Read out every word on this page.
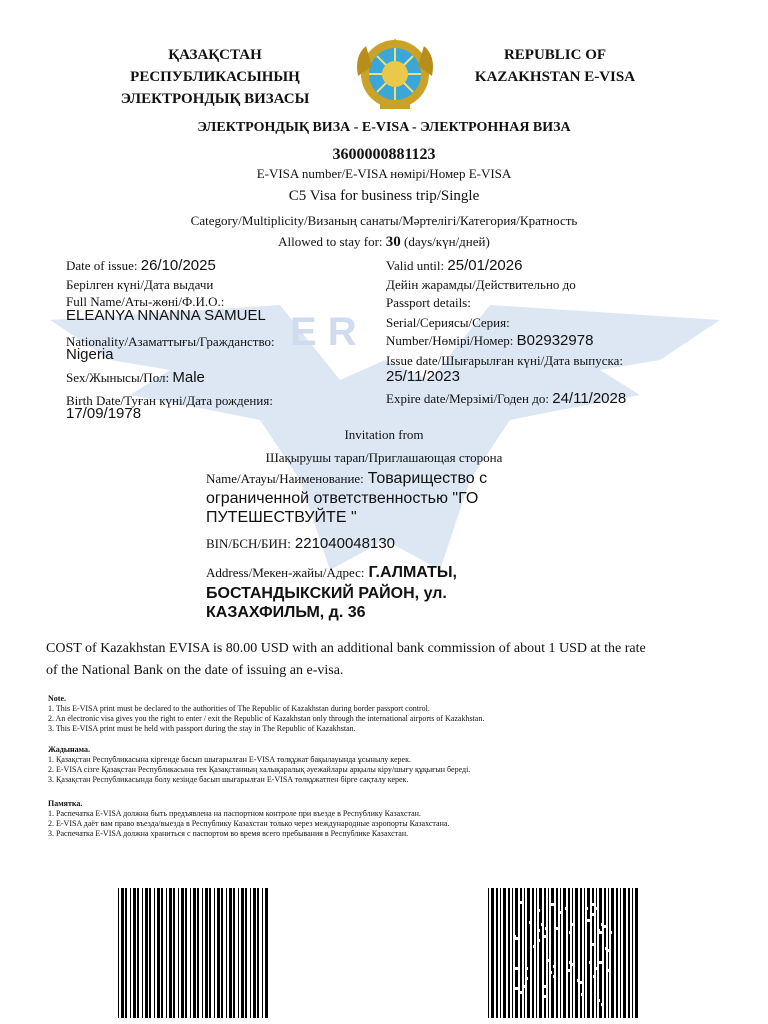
E R
ҚАЗАҚСТАН
РЕСПУБЛИКАСЫНЫҢ
ЭЛЕКТРОНДЫҚ ВИЗАСЫ
REPUBLIC OF
KAZAKHSTAN E-VISA
ЭЛЕКТРОНДЫҚ ВИЗА - E-VISA - ЭЛЕКТРОННАЯ ВИЗА
3600000881123
E-VISA number/E-VISA нөмірі/Номер E-VISA
C5 Visa for business trip/Single
Category/Multiplicity/Визаның санаты/Мәртелігі/Категория/Кратность
Allowed to stay for: 30 (days/күн/дней)
Date of issue: 26/10/2025
Берілген күні/Дата выдачи
Full Name/Аты-жөні/Ф.И.О.:
ELEANYA NNANNA SAMUEL
Nationality/Азаматтығы/Гражданство:
Nigeria
Sex/Жынысы/Пол: Male
Birth Date/Туған күні/Дата рождения:
17/09/1978
Valid until: 25/01/2026
Дейін жарамды/Действительно до
Passport details:
Serial/Сериясы/Серия:
Number/Нөмірі/Номер: B02932978
Issue date/Шығарылған күні/Дата выпуска:
25/11/2023
Expire date/Мерзімі/Годен до: 24/11/2028
Invitation from
Шақырушы тарап/Приглашающая сторона
Name/Атауы/Наименование: Товарищество с
ограниченной ответственностью "ГО
ПУТЕШЕСТВУЙТЕ "
BIN/БСН/БИН: 221040048130
Address/Мекен-жайы/Адрес: Г.АЛМАТЫ,
БОСТАНДЫКСКИЙ РАЙОН, ул.
КАЗАХФИЛЬМ, д. 36
COST of Kazakhstan EVISA is 80.00 USD with an additional bank commission of about 1 USD at the rate
of the National Bank on the date of issuing an e-visa.
Note.
1. This E-VISA print must be declared to the authorities of The Republic of Kazakhstan during border passport control.
2. An electronic visa gives you the right to enter / exit the Republic of Kazakhstan only through the international airports of Kazakhstan.
3. This E-VISA print must be held with passport during the stay in The Republic of Kazakhstan.
Жадынама.
1. Қазақстан Республикасына кіргенде басып шығарылған E-VISA төлқұжат бақылауында ұсынылу керек.
2. E-VISA сізге Қазақстан Республикасына тек Қазақстанның халықаралық әуежайлары арқылы кіру/шығу құқығын береді.
3. Қазақстан Республикасында болу кезінде басып шығарылған E-VISA төлқұжатпен бірге сақталу керек.
Памятка.
1. Распечатка E-VISA должна быть предъявлена на паспортном контроле при въезде в Республику Казахстан.
2. E-VISA даёт вам право въезда/выезда в Республику Казахстан только через международные аэропорты Казахстана.
3. Распечатка E-VISA должна храниться с паспортом во время всего пребывания в Республике Казахстан.
